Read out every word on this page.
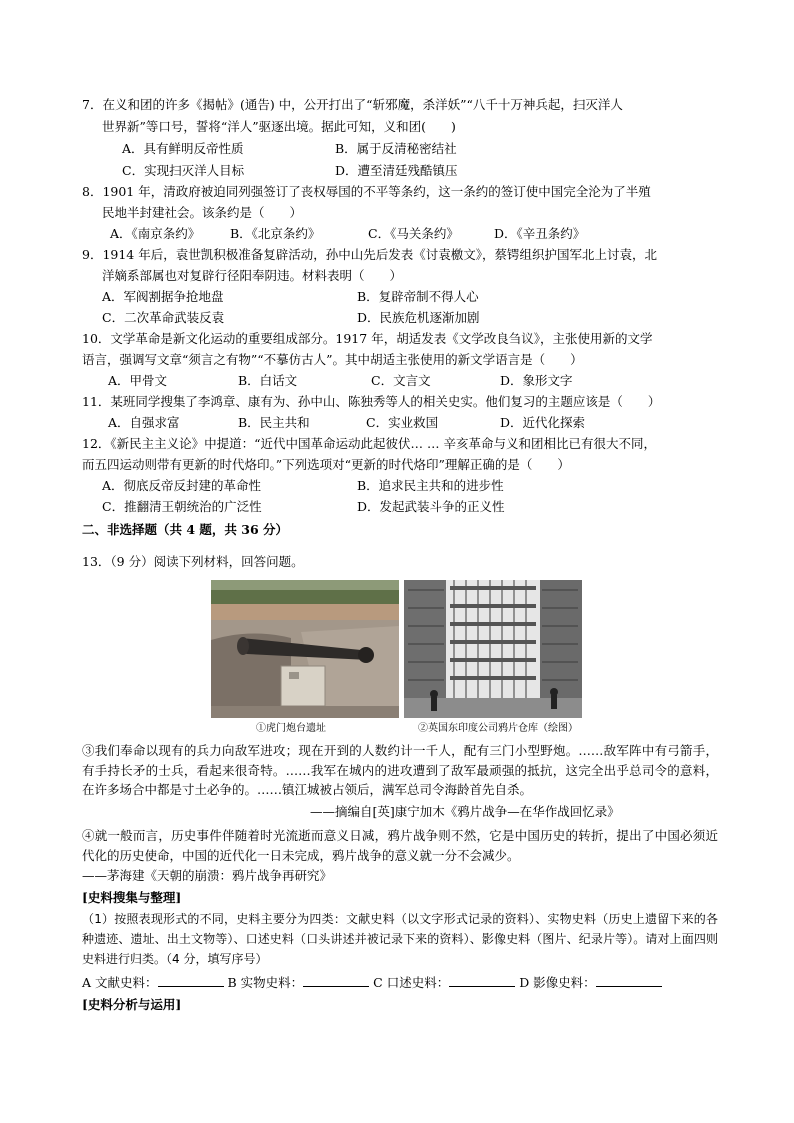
7．在义和团的许多《揭帖》(通告) 中，公开打出了“斩邪魔，杀洋妖”“八千十万神兵起，扫灭洋人
世界新”等口号，誓将“洋人”驱逐出境。据此可知，义和团(　　)
A．具有鲜明反帝性质	B．属于反清秘密结社
C．实现扫灭洋人目标	D．遭至清廷残酷镇压
8．1901 年，清政府被迫同列强签订了丧权辱国的不平等条约，这一条约的签订使中国完全沦为了半殖
民地半封建社会。该条约是（　　）
A．《南京条约》 B．《北京条约》	C．《马关条约》	D．《辛丑条约》
9．1914 年后，袁世凯积极准备复辟活动，孙中山先后发表《讨袁檄文》，蔡锷组织护国军北上讨袁，北
洋嫡系部属也对复辟行径阳奉阴违。材料表明（　　）
A．军阀割据争抢地盘	B．复辟帝制不得人心
C．二次革命武装反袁	D．民族危机逐渐加剧
10．文学革命是新文化运动的重要组成部分。1917 年，胡适发表《文学改良刍议》，主张使用新的文学
语言，强调写文章“须言之有物”“不摹仿古人”。其中胡适主张使用的新文学语言是（　　）
A．甲骨文	B．白话文	C．文言文	D．象形文字
11．某班同学搜集了李鸿章、康有为、孙中山、陈独秀等人的相关史实。他们复习的主题应该是（　　）
A．自强求富	B．民主共和	C．实业救国	D．近代化探索
12．《新民主主义论》中提道：“近代中国革命运动此起彼伏… … 辛亥革命与义和团相比已有很大不同，
而五四运动则带有更新的时代烙印。”下列选项对“更新的时代烙印”理解正确的是（　　）
A．彻底反帝反封建的革命性	B．追求民主共和的进步性
C．推翻清王朝统治的广泛性	D．发起武装斗争的正义性
二、非选择题（共 4 题，共 36 分）
13．（9 分）阅读下列材料，回答问题。
①虎门炮台遗址	②英国东印度公司鸦片仓库（绘图）
③我们奉命以现有的兵力向敌军进攻；现在开到的人数约计一千人，配有三门小型野炮。……敌军阵中有弓箭手，有手持长矛的士兵，看起来很奇特。……我军在城内的进攻遭到了敌军最顽强的抵抗，这完全出乎总司令的意料，在许多场合中都是寸土必争的。……镇江城被占领后，满军总司令海龄首先自杀。
——摘编自[英]康宁加木《鸦片战争—在华作战回忆录》
④就一般而言，历史事件伴随着时光流逝而意义日减，鸦片战争则不然，它是中国历史的转折，提出了中国必须近代化的历史使命，中国的近代化一日未完成，鸦片战争的意义就一分不会减少。
——茅海建《天朝的崩溃：鸦片战争再研究》
[史料搜集与整理]
（1）按照表现形式的不同，史料主要分为四类：文献史料（以文字形式记录的资料）、实物史料（历史上遗留下来的各种遗迹、遗址、出土文物等）、口述史料（口头讲述并被记录下来的资料）、影像史料（图片、纪录片等）。请对上面四则史料进行归类。（4 分，填写序号）
A 文献史料：	B 实物史料：	C 口述史料：	D 影像史料：
[史料分析与运用]
